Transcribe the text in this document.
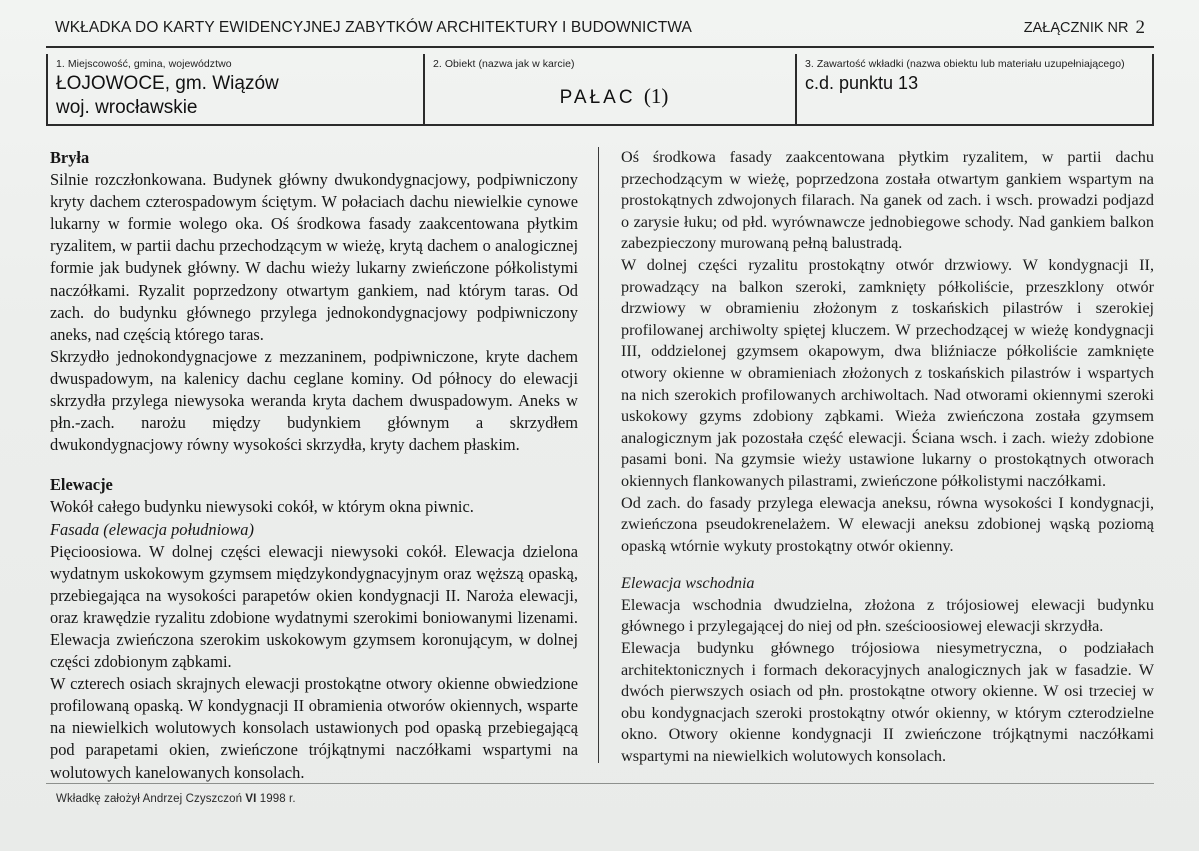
WKŁADKA DO KARTY EWIDENCYJNEJ ZABYTKÓW ARCHITEKTURY I BUDOWNICTWA	ZAŁĄCZNIK NR 2
1. Miejscowość, gmina, województwo
ŁOJOWOCE, gm. Wiązów
woj. wrocławskie
2. Obiekt (nazwa jak w karcie)
PAŁAC (1)
3. Zawartość wkładki (nazwa obiektu lub materiału uzupełniającego)
c.d. punktu 13

Bryła

Silnie rozczłonkowana. Budynek główny dwukondygnacjowy, podpiwniczony kryty dachem czterospadowym ściętym. W połaciach dachu niewielkie cynowe lukarny w formie wolego oka. Oś środkowa fasady zaakcentowana płytkim ryzalitem, w partii dachu przechodzącym w wieżę, krytą dachem o analogicznej formie jak budynek główny. W dachu wieży lukarny zwieńczone półkolistymi naczółkami. Ryzalit poprzedzony otwartym gankiem, nad którym taras. Od zach. do budynku głównego przylega jednokondygnacjowy podpiwniczony aneks, nad częścią którego taras.

Skrzydło jednokondygnacjowe z mezzaninem, podpiwniczone, kryte dachem dwuspadowym, na kalenicy dachu ceglane kominy. Od północy do elewacji skrzydła przylega niewysoka weranda kryta dachem dwuspadowym. Aneks w płn.-zach. narożu między budynkiem głównym a skrzydłem dwukondygnacjowy równy wysokości skrzydła, kryty dachem płaskim.

Elewacje

Wokół całego budynku niewysoki cokół, w którym okna piwnic.

Fasada (elewacja południowa)

Pięcioosiowa. W dolnej części elewacji niewysoki cokół. Elewacja dzielona wydatnym uskokowym gzymsem międzykondygnacyjnym oraz węższą opaską, przebiegająca na wysokości parapetów okien kondygnacji II. Naroża elewacji, oraz krawędzie ryzalitu zdobione wydatnymi szerokimi boniowanymi lizenami. Elewacja zwieńczona szerokim uskokowym gzymsem koronującym, w dolnej części zdobionym ząbkami.

W czterech osiach skrajnych elewacji prostokątne otwory okienne obwiedzione profilowaną opaską. W kondygnacji II obramienia otworów okiennych, wsparte na niewielkich wolutowych konsolach ustawionych pod opaską przebiegającą pod parapetami okien, zwieńczone trójkątnymi naczółkami wspartymi na wolutowych kanelowanych konsolach.

Oś środkowa fasady zaakcentowana płytkim ryzalitem, w partii dachu przechodzącym w wieżę, poprzedzona została otwartym gankiem wspartym na prostokątnych zdwojonych filarach. Na ganek od zach. i wsch. prowadzi podjazd o zarysie łuku; od płd. wyrównawcze jednobiegowe schody. Nad gankiem balkon zabezpieczony murowaną pełną balustradą.

W dolnej części ryzalitu prostokątny otwór drzwiowy. W kondygnacji II, prowadzący na balkon szeroki, zamknięty półkoliście, przeszklony otwór drzwiowy w obramieniu złożonym z toskańskich pilastrów i szerokiej profilowanej archiwolty spiętej kluczem. W przechodzącej w wieżę kondygnacji III, oddzielonej gzymsem okapowym, dwa bliźniacze półkoliście zamknięte otwory okienne w obramieniach złożonych z toskańskich pilastrów i wspartych na nich szerokich profilowanych archiwoltach. Nad otworami okiennymi szeroki uskokowy gzyms zdobiony ząbkami. Wieża zwieńczona została gzymsem analogicznym jak pozostała część elewacji. Ściana wsch. i zach. wieży zdobione pasami boni. Na gzymsie wieży ustawione lukarny o prostokątnych otworach okiennych flankowanych pilastrami, zwieńczone półkolistymi naczółkami.

Od zach. do fasady przylega elewacja aneksu, równa wysokości I kondygnacji, zwieńczona pseudokrenelażem. W elewacji aneksu zdobionej wąską poziomą opaską wtórnie wykuty prostokątny otwór okienny.

Elewacja wschodnia

Elewacja wschodnia dwudzielna, złożona z trójosiowej elewacji budynku głównego i przylegającej do niej od płn. sześcioosiowej elewacji skrzydła.

Elewacja budynku głównego trójosiowa niesymetryczna, o podziałach architektonicznych i formach dekoracyjnych analogicznych jak w fasadzie. W dwóch pierwszych osiach od płn. prostokątne otwory okienne. W osi trzeciej w obu kondygnacjach szeroki prostokątny otwór okienny, w którym czterodzielne okno. Otwory okienne kondygnacji II zwieńczone trójkątnymi naczółkami wspartymi na niewielkich wolutowych konsolach.

Wkładkę założył Andrzej Czyszczoń VI 1998 r.
